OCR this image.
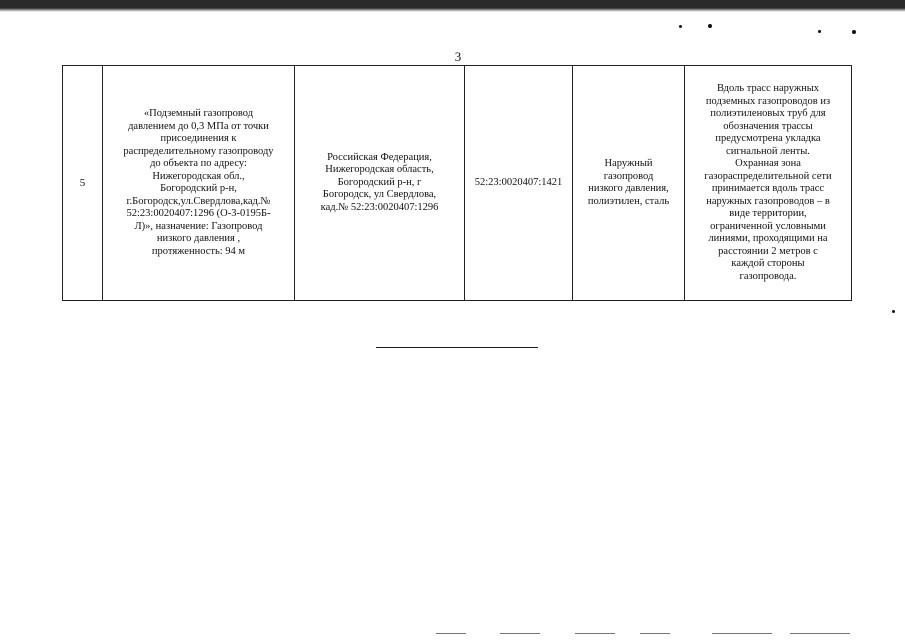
3
5	«Подземный газопровод
давлением до 0,3 МПа от точки
присоединения к
распределительному газопроводу
до объекта по адресу:
Нижегородская обл.,
Богородский р-н,
г.Богородск,ул.Свердлова,кад.№
52:23:0020407:1296 (О-3-0195Б-
Л)», назначение: Газопровод
низкого давления ,
протяженность: 94 м	Российская Федерация,
Нижегородская область,
Богородский р-н, г
Богородск, ул Свердлова,
кад.№ 52:23:0020407:1296	52:23:0020407:1421	Наружный
газопровод
низкого давления,
полиэтилен, сталь	Вдоль трасс наружных
подземных газопроводов из
полиэтиленовых труб для
обозначения трассы
предусмотрена укладка
сигнальной ленты.
Охранная зона
газораспределительной сети
принимается вдоль трасс
наружных газопроводов – в
виде территории,
ограниченной условными
линиями, проходящими на
расстоянии 2 метров с
каждой стороны
газопровода.
